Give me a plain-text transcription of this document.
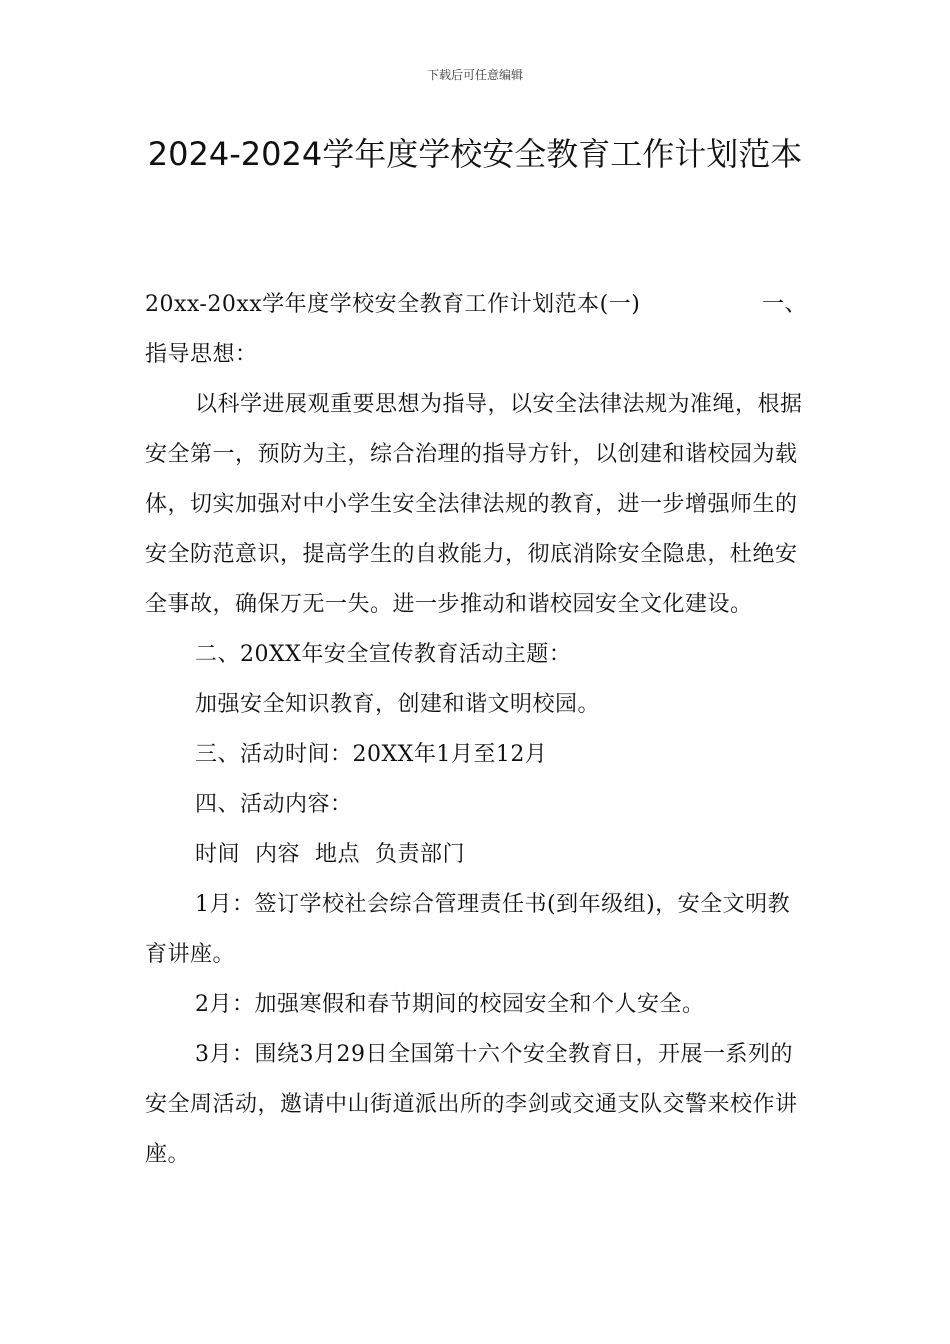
下载后可任意编辑
2024-2024学年度学校安全教育工作计划范本
20xx-20xx学年度学校安全教育工作计划范本(一)	一、

指导思想：

以科学进展观重要思想为指导，以安全法律法规为准绳，根据安全第一，预防为主，综合治理的指导方针，以创建和谐校园为载体，切实加强对中小学生安全法律法规的教育，进一步增强师生的安全防范意识，提高学生的自救能力，彻底消除安全隐患，杜绝安全事故，确保万无一失。进一步推动和谐校园安全文化建设。

二、20XX年安全宣传教育活动主题：

加强安全知识教育，创建和谐文明校园。

三、活动时间：20XX年1月至12月

四、活动内容：

时间  内容  地点  负责部门

1月：签订学校社会综合管理责任书(到年级组)，安全文明教育讲座。

2月：加强寒假和春节期间的校园安全和个人安全。

3月：围绕3月29日全国第十六个安全教育日，开展一系列的安全周活动，邀请中山街道派出所的李剑或交通支队交警来校作讲座。
